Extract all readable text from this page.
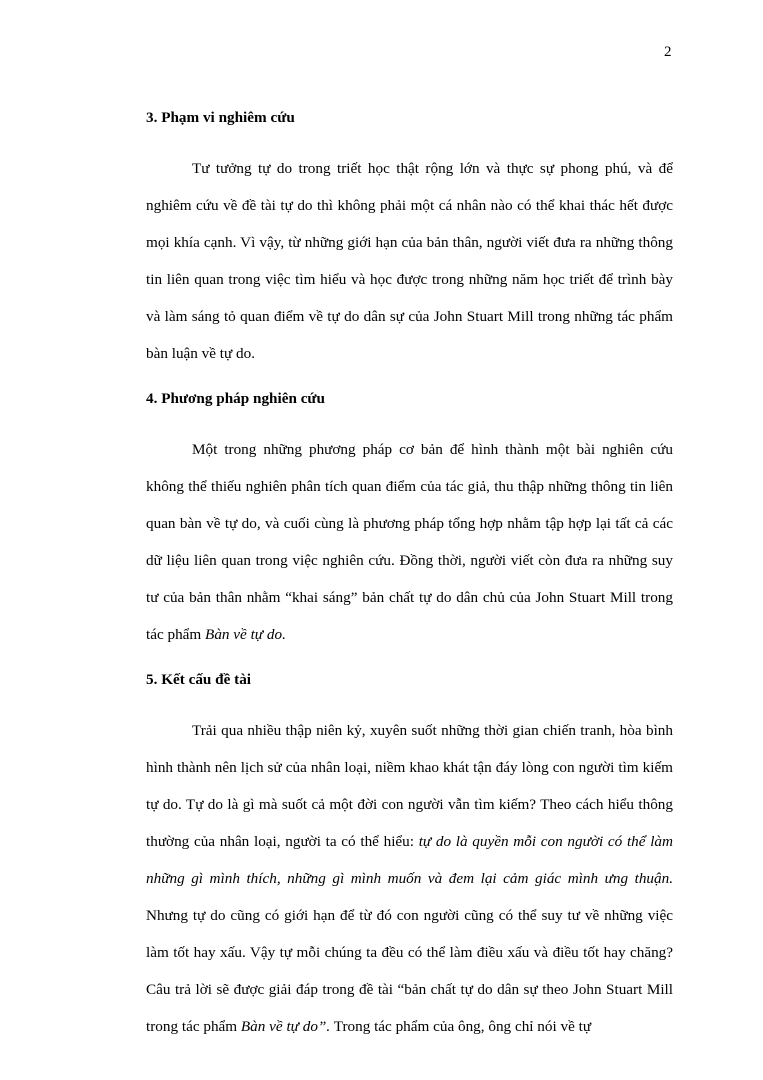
2
3. Phạm vi nghiêm cứu

Tư tưởng tự do trong triết học thật rộng lớn và thực sự phong phú, và để nghiêm cứu về đề tài tự do thì không phải một cá nhân nào có thể khai thác hết được mọi khía cạnh. Vì vậy, từ những giới hạn của bản thân, người viết đưa ra những thông tin liên quan trong việc tìm hiểu và học được trong những năm học triết để trình bày và làm sáng tỏ quan điểm về tự do dân sự của John Stuart Mill trong những tác phẩm bàn luận về tự do.

4. Phương pháp nghiên cứu

Một trong những phương pháp cơ bản để hình thành một bài nghiên cứu không thể thiếu nghiên phân tích quan điểm của tác giả, thu thập những thông tin liên quan bàn về tự do, và cuối cùng là phương pháp tổng hợp nhằm tập hợp lại tất cả các dữ liệu liên quan trong việc nghiên cứu. Đồng thời, người viết còn đưa ra những suy tư của bản thân nhằm “khai sáng” bản chất tự do dân chủ của John Stuart Mill trong tác phẩm Bàn về tự do.

5. Kết cấu đề tài

Trải qua nhiều thập niên kỷ, xuyên suốt những thời gian chiến tranh, hòa bình hình thành nên lịch sử của nhân loại, niềm khao khát tận đáy lòng con người tìm kiếm tự do. Tự do là gì mà suốt cả một đời con người vẫn tìm kiếm? Theo cách hiểu thông thường của nhân loại, người ta có thể hiểu: tự do là quyền mỗi con người có thể làm những gì mình thích, những gì mình muốn và đem lại cảm giác mình ưng thuận. Nhưng tự do cũng có giới hạn để từ đó con người cũng có thể suy tư về những việc làm tốt hay xấu. Vậy tự mỗi chúng ta đều có thể làm điều xấu và điều tốt hay chăng? Câu trả lời sẽ được giải đáp trong đề tài “bản chất tự do dân sự theo John Stuart Mill trong tác phẩm Bàn về tự do”. Trong tác phẩm của ông, ông chỉ nói về tự
